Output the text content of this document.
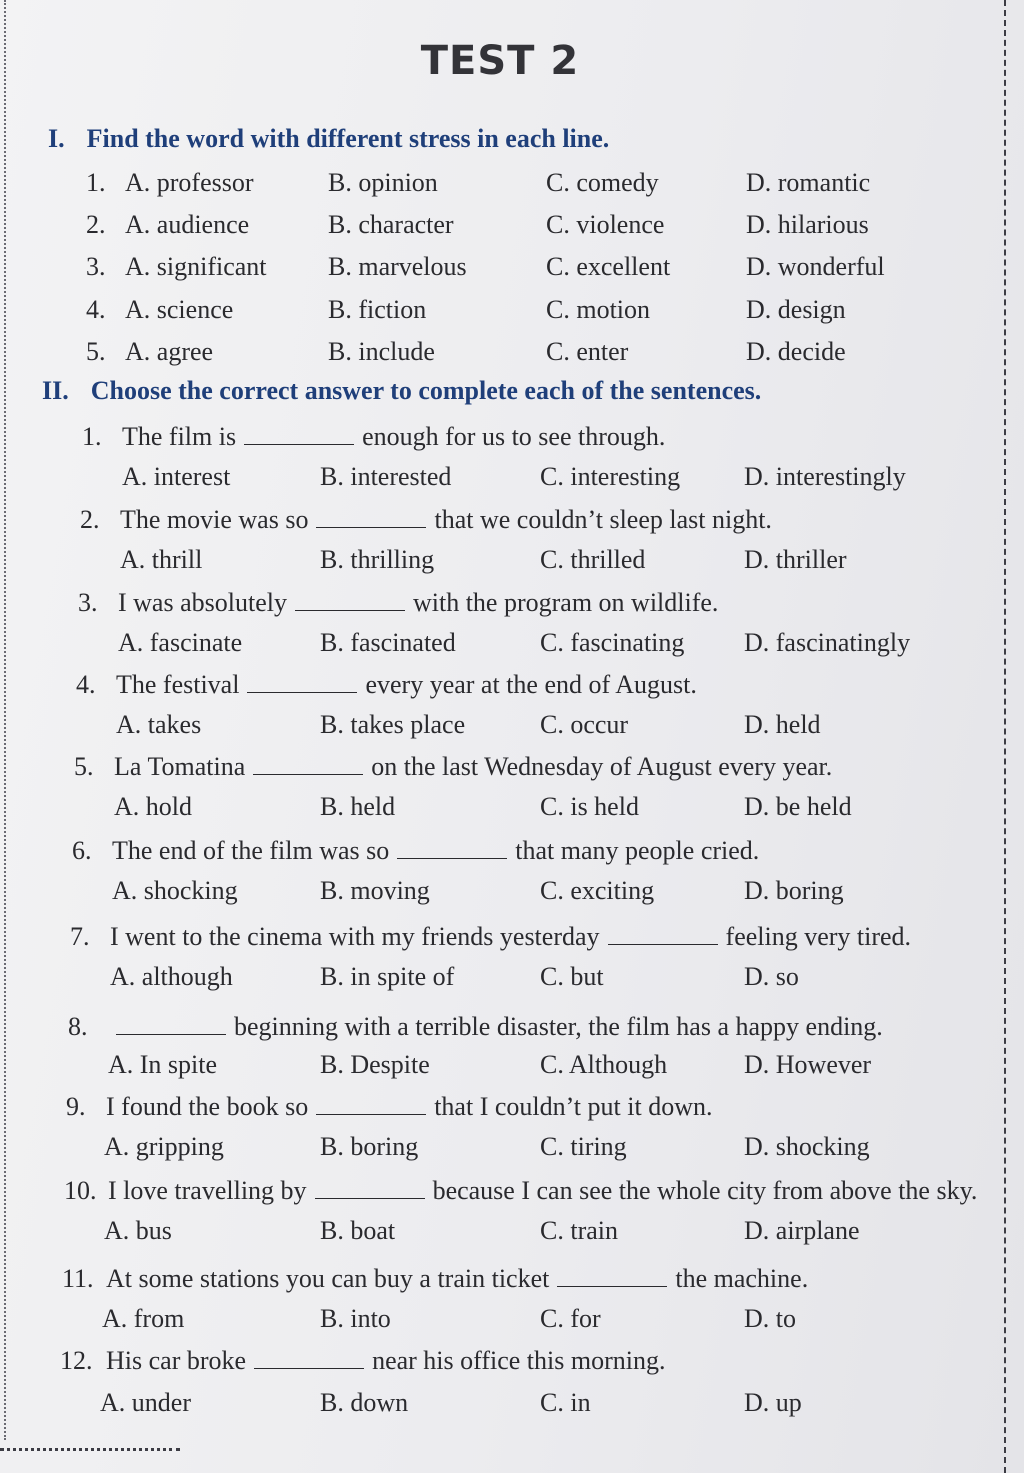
TEST 2
I. Find the word with different stress in each line.
1. A. professor	B. opinion	C. comedy	D. romantic
2. A. audience	B. character	C. violence	D. hilarious
3. A. significant B. marvelous	C. excellent	D. wonderful
4. A. science	B. fiction	C. motion	D. design
5. A. agree	B. include	C. enter	D. decide
II. Choose the correct answer to complete each of the sentences.
1. The film is	enough for us to see through.
A. interest	B. interested	C. interesting D. interestingly
2. The movie was so	that we couldn’t sleep last night.
A. thrill	B. thrilling	C. thrilled	D. thriller
3. I was absolutely	with the program on wildlife.
A. fascinate	B. fascinated	C. fascinating D. fascinatingly
4. The festival	every year at the end of August.
A. takes	B. takes place	C. occur	D. held
5. La Tomatina	on the last Wednesday of August every year.
A. hold	B. held	C. is held	D. be held
6. The end of the film was so	that many people cried.
A. shocking	B. moving	C. exciting	D. boring
7. I went to the cinema with my friends yesterday	feeling very tired.
A. although	B. in spite of	C. but	D. so
8.	beginning with a terrible disaster, the film has a happy ending.
A. In spite	B. Despite	C. Although	D. However
9. I found the book so	that I couldn’t put it down.
A. gripping	B. boring	C. tiring	D. shocking
10. I love travelling by	because I can see the whole city from above the sky.
A. bus	B. boat	C. train	D. airplane
11. At some stations you can buy a train ticket	the machine.
A. from	B. into	C. for	D. to
12. His car broke	near his office this morning.
A. under	B. down	C. in	D. up
